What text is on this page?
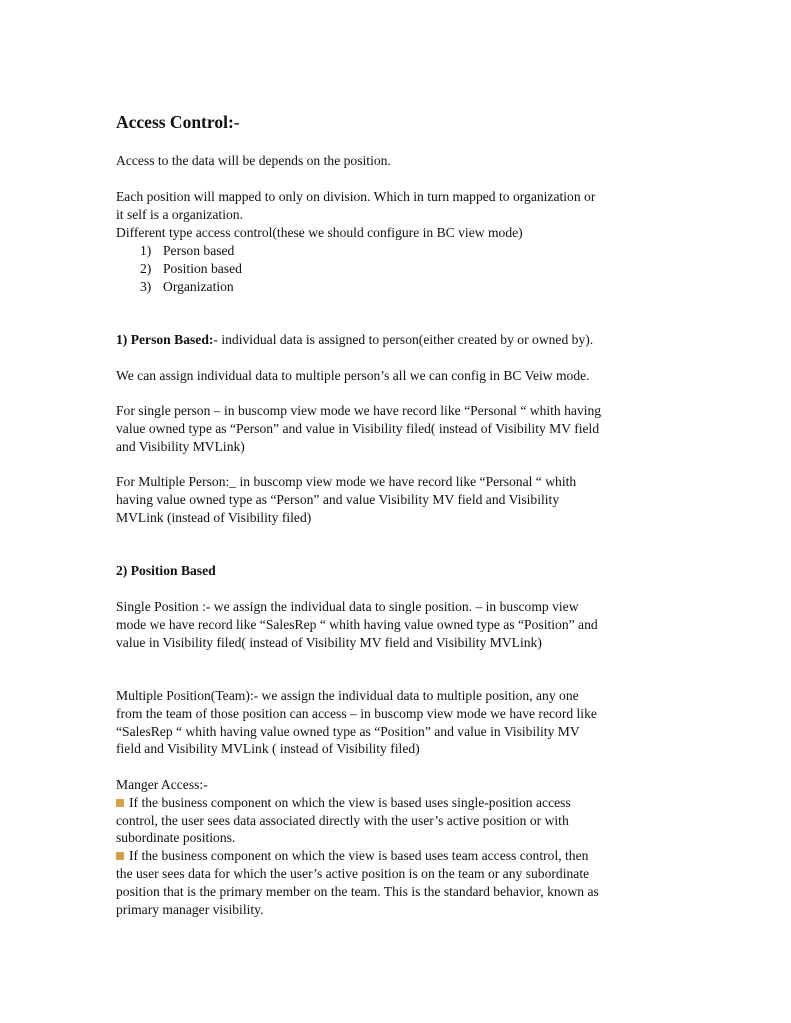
Access Control:-

Access to the data will be depends on the position.

Each position will mapped to only on division. Which in turn mapped to organization or
it self is a organization.
Different type access control(these we should configure in BC view mode)
1) Person based
2) Position based
3) Organization

1) Person Based:- individual data is assigned to person(either created by or owned by).

We can assign individual data to multiple person’s all we can config in BC Veiw mode.

For single person – in buscomp view mode we have record like “Personal “ whith having
value owned type as “Person” and value in Visibility filed( instead of Visibility MV field
and Visibility MVLink)
For Multiple Person:_ in buscomp view mode we have record like “Personal “ whith
having value owned type as “Person” and value Visibility MV field and Visibility
MVLink (instead of Visibility filed)

2) Position Based

Single Position :- we assign the individual data to single position. – in buscomp view
mode we have record like “SalesRep “ whith having value owned type as “Position” and
value in Visibility filed( instead of Visibility MV field and Visibility MVLink)
Multiple Position(Team):- we assign the individual data to multiple position, any one
from the team of those position can access – in buscomp view mode we have record like
“SalesRep “ whith having value owned type as “Position” and value in Visibility MV
field and Visibility MVLink ( instead of Visibility filed)
Manger Access:-
If the business component on which the view is based uses single-position access
control, the user sees data associated directly with the user’s active position or with
subordinate positions.
If the business component on which the view is based uses team access control, then
the user sees data for which the user’s active position is on the team or any subordinate
position that is the primary member on the team. This is the standard behavior, known as
primary manager visibility.
